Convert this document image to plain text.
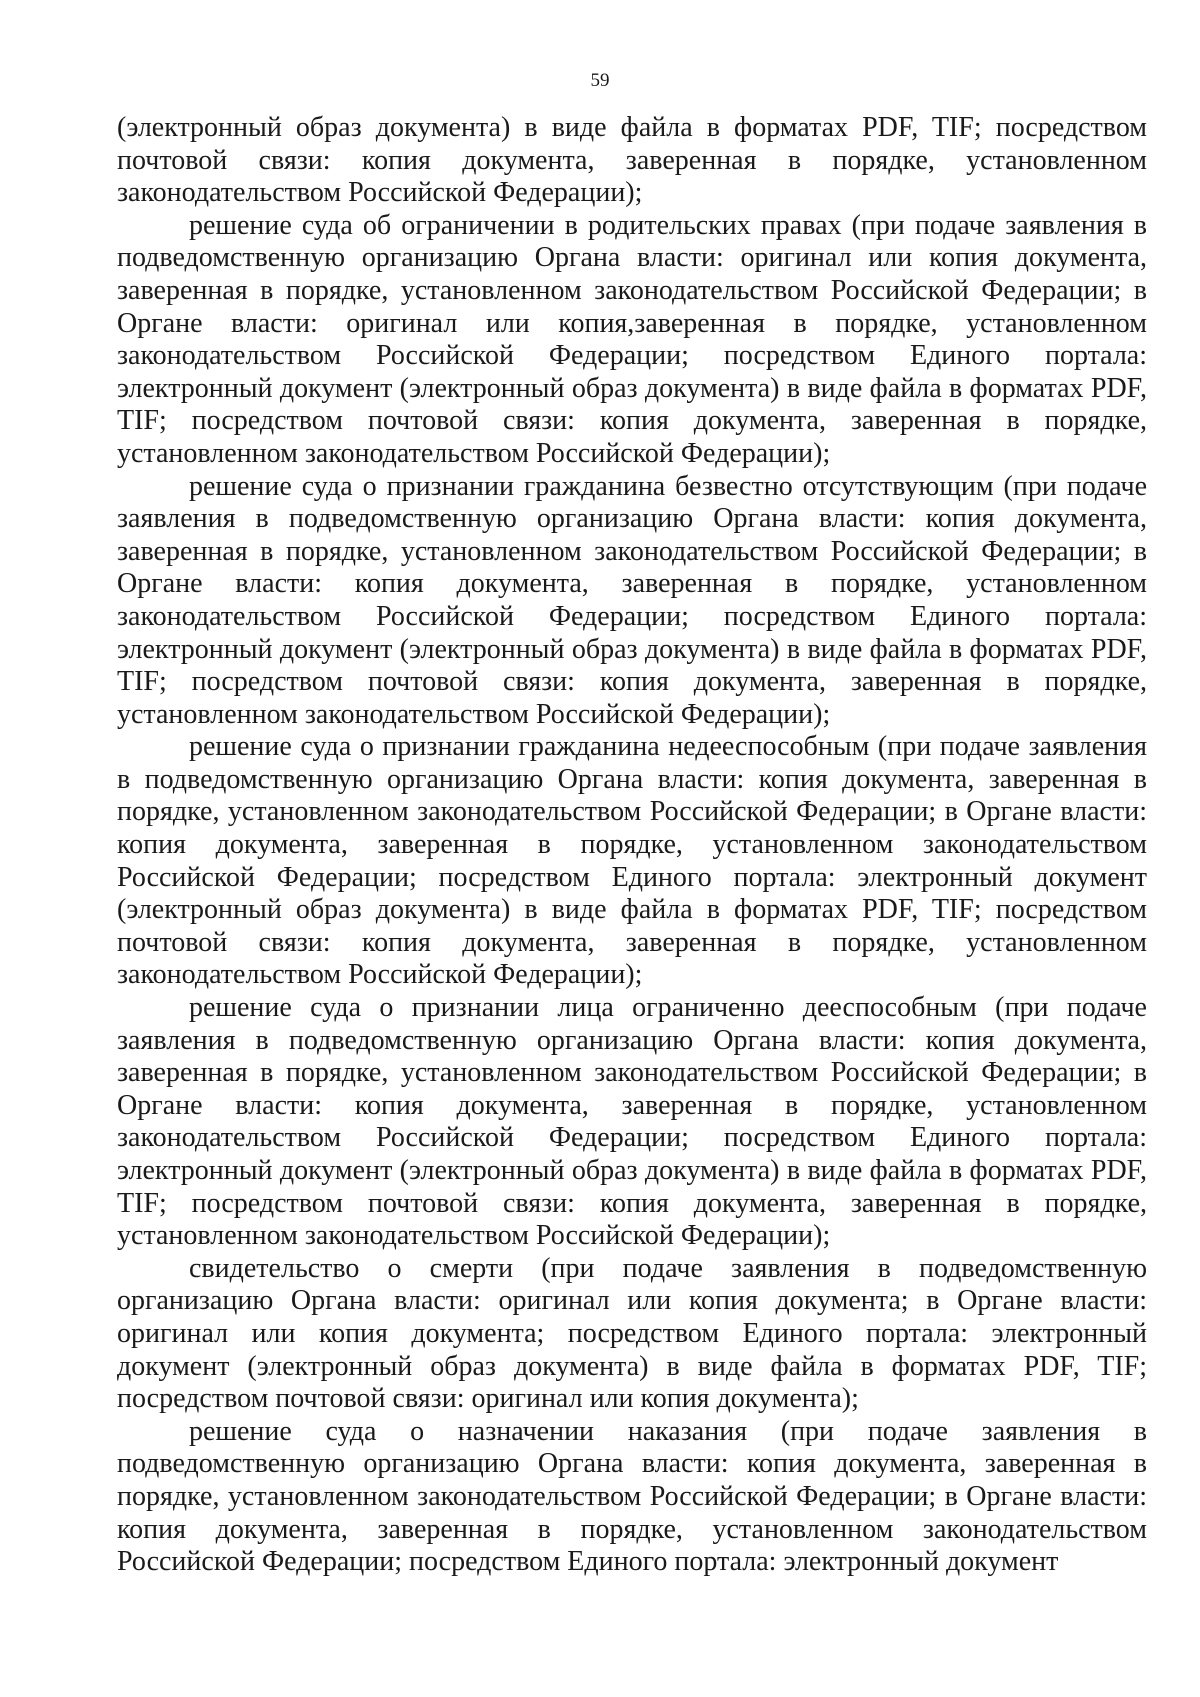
59

(электронный образ документа) в виде файла в форматах PDF, TIF; посредством почтовой связи: копия документа, заверенная в порядке, установленном законодательством Российской Федерации);

решение суда об ограничении в родительских правах (при подаче заявления в подведомственную организацию Органа власти: оригинал или копия документа, заверенная в порядке, установленном законодательством Российской Федерации; в Органе власти: оригинал или копия,заверенная в порядке, установленном законодательством Российской Федерации; посредством Единого портала: электронный документ (электронный образ документа) в виде файла в форматах PDF, TIF; посредством почтовой связи: копия документа, заверенная в порядке, установленном законодательством Российской Федерации);

решение суда о признании гражданина безвестно отсутствующим (при подаче заявления в подведомственную организацию Органа власти: копия документа, заверенная в порядке, установленном законодательством Российской Федерации; в Органе власти: копия документа, заверенная в порядке, установленном законодательством Российской Федерации; посредством Единого портала: электронный документ (электронный образ документа) в виде файла в форматах PDF, TIF; посредством почтовой связи: копия документа, заверенная в порядке, установленном законодательством Российской Федерации);

решение суда о признании гражданина недееспособным (при подаче заявления в подведомственную организацию Органа власти: копия документа, заверенная в порядке, установленном законодательством Российской Федерации; в Органе власти: копия документа, заверенная в порядке, установленном законодательством Российской Федерации; посредством Единого портала: электронный документ (электронный образ документа) в виде файла в форматах PDF, TIF; посредством почтовой связи: копия документа, заверенная в порядке, установленном законодательством Российской Федерации);

решение суда о признании лица ограниченно дееспособным (при подаче заявления в подведомственную организацию Органа власти: копия документа, заверенная в порядке, установленном законодательством Российской Федерации; в Органе власти: копия документа, заверенная в порядке, установленном законодательством Российской Федерации; посредством Единого портала: электронный документ (электронный образ документа) в виде файла в форматах PDF, TIF; посредством почтовой связи: копия документа, заверенная в порядке, установленном законодательством Российской Федерации);

свидетельство о смерти (при подаче заявления в подведомственную организацию Органа власти: оригинал или копия документа; в Органе власти: оригинал или копия документа; посредством Единого портала: электронный документ (электронный образ документа) в виде файла в форматах PDF, TIF; посредством почтовой связи: оригинал или копия документа);

решение суда о назначении наказания (при подаче заявления в подведомственную организацию Органа власти: копия документа, заверенная в порядке, установленном законодательством Российской Федерации; в Органе власти: копия документа, заверенная в порядке, установленном законодательством Российской Федерации; посредством Единого портала: электронный документ
